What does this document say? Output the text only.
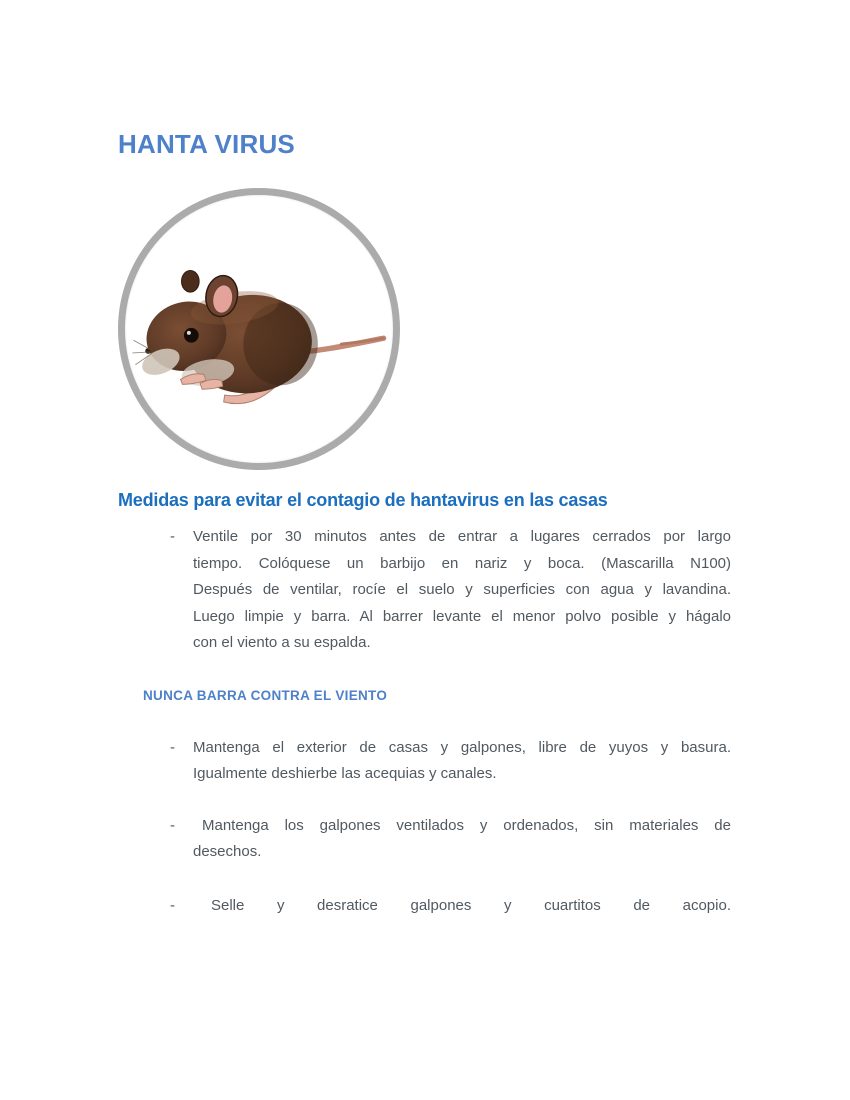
HANTA VIRUS
Medidas para evitar el contagio de hantavirus en las casas
-	Ventile por 30 minutos antes de entrar a lugares cerrados por largo
tiempo. Colóquese un barbijo en nariz y boca. (Mascarilla N100)
Después de ventilar, rocíe el suelo y superficies con agua y lavandina.
Luego limpie y barra. Al barrer levante el menor polvo posible y hágalo
con el viento a su espalda.
NUNCA BARRA CONTRA EL VIENTO
-	Mantenga el exterior de casas y galpones, libre de yuyos y basura.
Igualmente deshierbe las acequias y canales.
-	Mantenga los galpones ventilados y ordenados, sin materiales de
desechos.
-	Selle y desratice galpones y cuartitos de acopio.
